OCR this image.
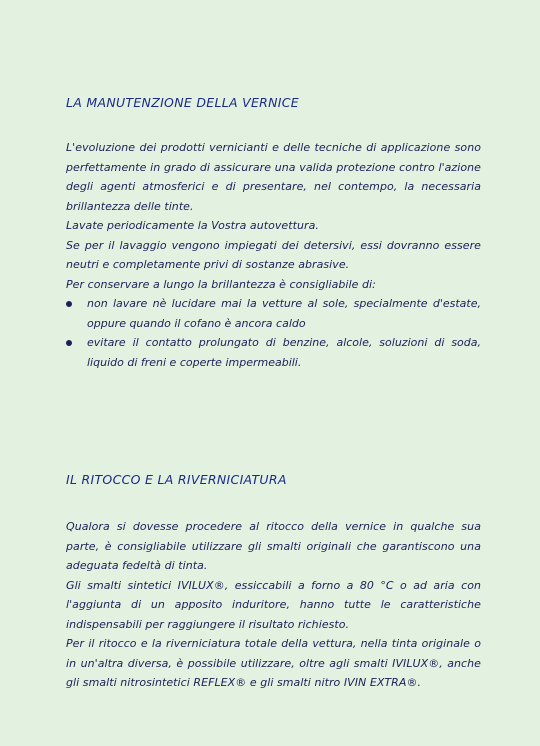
LA MANUTENZIONE DELLA VERNICE

L'evoluzione dei prodotti vernicianti e delle tecniche di applicazione sono perfettamente in grado di assicurare una valida protezione contro l'azione degli agenti atmosferici e di presentare, nel contempo, la necessaria brillantezza delle tinte.

Lavate periodicamente la Vostra autovettura.

Se per il lavaggio vengono impiegati dei detersivi, essi dovranno essere neutri e completamente privi di sostanze abrasive.

Per conservare a lungo la brillantezza è consigliabile di:

non lavare nè lucidare mai la vetture al sole, specialmente d'estate, oppure quando il cofano è ancora caldo
evitare il contatto prolungato di benzine, alcole, soluzioni di soda, liquido di freni e coperte impermeabili.
IL RITOCCO E LA RIVERNICIATURA

Qualora si dovesse procedere al ritocco della vernice in qualche sua parte, è consigliabile utilizzare gli smalti originali che garantiscono una adeguata fedeltà di tinta.

Gli smalti sintetici IVILUX®, essiccabili a forno a 80 °C o ad aria con l'aggiunta di un apposito induritore, hanno tutte le caratteristiche indispensabili per raggiungere il risultato richiesto.

Per il ritocco e la riverniciatura totale della vettura, nella tinta originale o in un'altra diversa, è possibile utilizzare, oltre agli smalti IVILUX®, anche gli smalti nitrosintetici REFLEX® e gli smalti nitro IVIN EXTRA®.
